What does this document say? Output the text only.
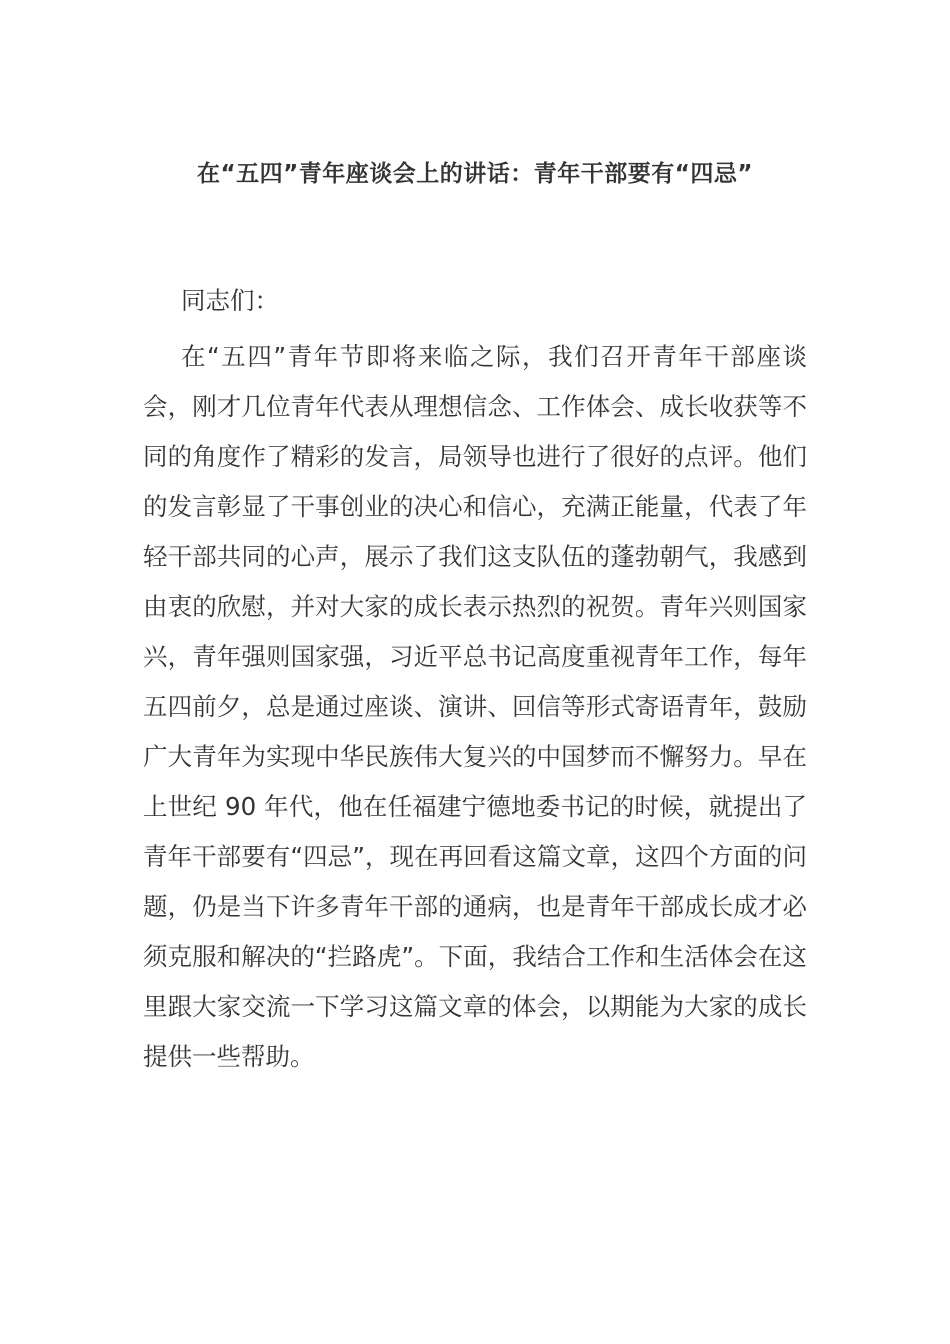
在“五四”青年座谈会上的讲话：青年干部要有“四忌”

同志们：

在“五四”青年节即将来临之际，我们召开青年干部座谈会，刚才几位青年代表从理想信念、工作体会、成长收获等不同的角度作了精彩的发言，局领导也进行了很好的点评。他们的发言彰显了干事创业的决心和信心，充满正能量，代表了年轻干部共同的心声，展示了我们这支队伍的蓬勃朝气，我感到由衷的欣慰，并对大家的成长表示热烈的祝贺。青年兴则国家兴，青年强则国家强，习近平总书记高度重视青年工作，每年五四前夕，总是通过座谈、演讲、回信等形式寄语青年，鼓励广大青年为实现中华民族伟大复兴的中国梦而不懈努力。早在上世纪 90 年代，他在任福建宁德地委书记的时候，就提出了青年干部要有“四忌”，现在再回看这篇文章，这四个方面的问题，仍是当下许多青年干部的通病，也是青年干部成长成才必须克服和解决的“拦路虎”。下面，我结合工作和生活体会在这里跟大家交流一下学习这篇文章的体会，以期能为大家的成长提供一些帮助。
